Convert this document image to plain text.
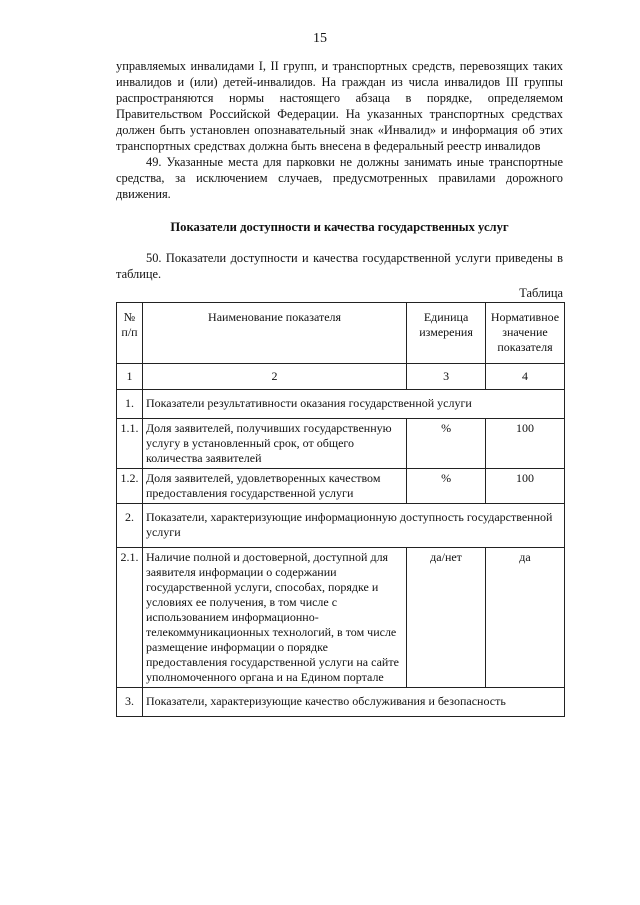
15

управляемых инвалидами I, II групп, и транспортных средств, перевозящих таких инвалидов и (или) детей-инвалидов. На граждан из числа инвалидов III группы распространяются нормы настоящего абзаца в порядке, определяемом Правительством Российской Федерации. На указанных транспортных средствах должен быть установлен опознавательный знак «Инвалид» и информация об этих транспортных средствах должна быть внесена в федеральный реестр инвалидов

49. Указанные места для парковки не должны занимать иные транспортные средства, за исключением случаев, предусмотренных правилами дорожного движения.

Показатели доступности и качества государственных услуг

50. Показатели доступности и качества государственной услуги приведены в таблице.

Таблица
№ п/п	Наименование показателя	Единица измерения	Нормативное значение показателя
1	2	3	4
1.	Показатели результативности оказания государственной услуги		
1.1.	Доля заявителей, получивших государственную услугу в установленный срок, от общего количества заявителей	%	100
1.2.	Доля заявителей, удовлетворенных качеством предоставления государственной услуги	%	100
2.	Показатели, характеризующие информационную доступность государственной услуги		
2.1.	Наличие полной и достоверной, доступной для заявителя информации о содержании государственной услуги, способах, порядке и условиях ее получения, в том числе с использованием информационно-телекоммуникационных технологий, в том числе размещение информации о порядке предоставления государственной услуги на сайте уполномоченного органа и на Едином портале	да/нет	да
3.	Показатели, характеризующие качество обслуживания и безопасность		
